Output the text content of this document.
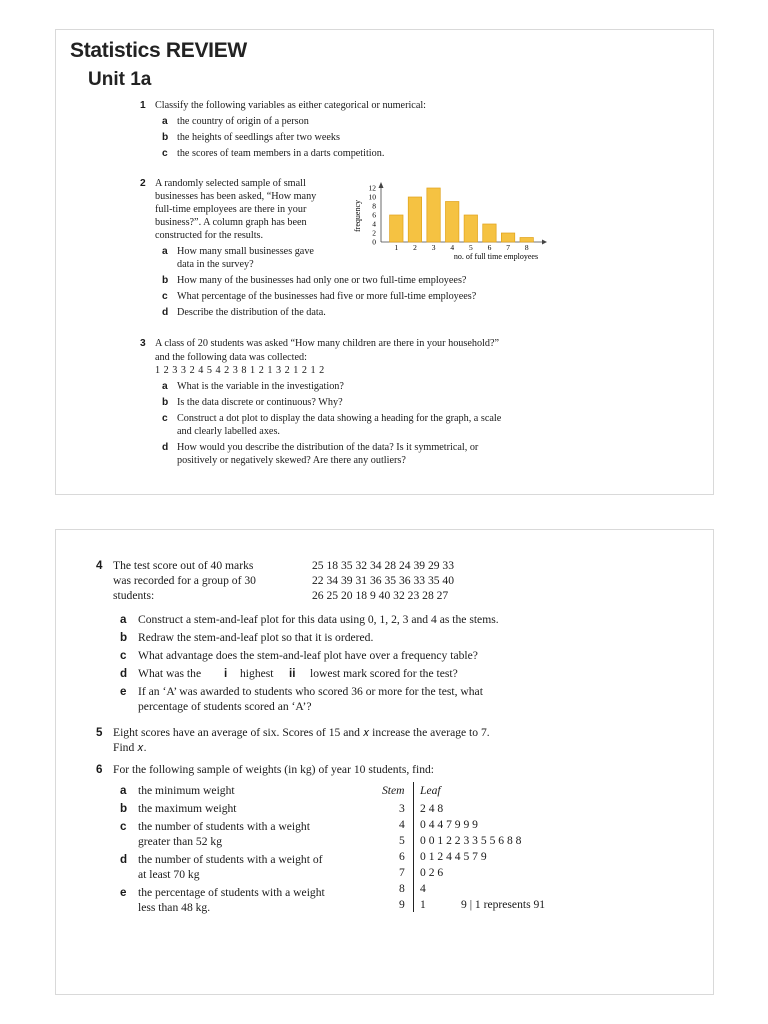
Statistics REVIEW
Unit 1a
1 Classify the following variables as either categorical or numerical:
a the country of origin of a person
b the heights of seedlings after two weeks
c the scores of team members in a darts competition.
2 A randomly selected sample of small
businesses has been asked, “How many
full-time employees are there in your
business?”. A column graph has been
constructed for the results.
a How many small businesses gave
data in the survey?
b How many of the businesses had only one or two full-time employees?
c What percentage of the businesses had five or more full-time employees?
d Describe the distribution of the data.
frequency
0
2
4
6
8
10
12
1 2 3 4 5 6 7 8
no. of full time employees
3 A class of 20 students was asked “How many children are there in your household?”
and the following data was collected:
1 2 3 3 2 4 5 4 2 3 8 1 2 1 3 2 1 2 1 2
a What is the variable in the investigation?
b Is the data discrete or continuous? Why?
c Construct a dot plot to display the data showing a heading for the graph, a scale
and clearly labelled axes.
d How would you describe the distribution of the data? Is it symmetrical, or
positively or negatively skewed? Are there any outliers?
4 The test score out of 40 marks
was recorded for a group of 30
students:
25 18 35 32 34 28 24 39 29 33
22 34 39 31 36 35 36 33 35 40
26 25 20 18 9 40 32 23 28 27
a Construct a stem-and-leaf plot for this data using 0, 1, 2, 3 and 4 as the stems.
b Redraw the stem-and-leaf plot so that it is ordered.
c What advantage does the stem-and-leaf plot have over a frequency table?
d What was the i highest ii lowest mark scored for the test?
e If an ‘A’ was awarded to students who scored 36 or more for the test, what
percentage of students scored an ‘A’?
5 Eight scores have an average of six. Scores of 15 and 𝑥 increase the average to 7.
Find 𝑥.
6 For the following sample of weights (in kg) of year 10 students, find:
a the minimum weight
b the maximum weight
c the number of students with a weight
greater than 52 kg
d the number of students with a weight of
at least 70 kg
e the percentage of students with a weight
less than 48 kg.
Stem Leaf
3 2 4 8
4 0 4 4 7 9 9 9
5 0 0 1 2 2 3 3 5 5 6 8 8
6 0 1 2 4 4 5 7 9
7 0 2 6
8 4
9 1	9 | 1 represents 91
